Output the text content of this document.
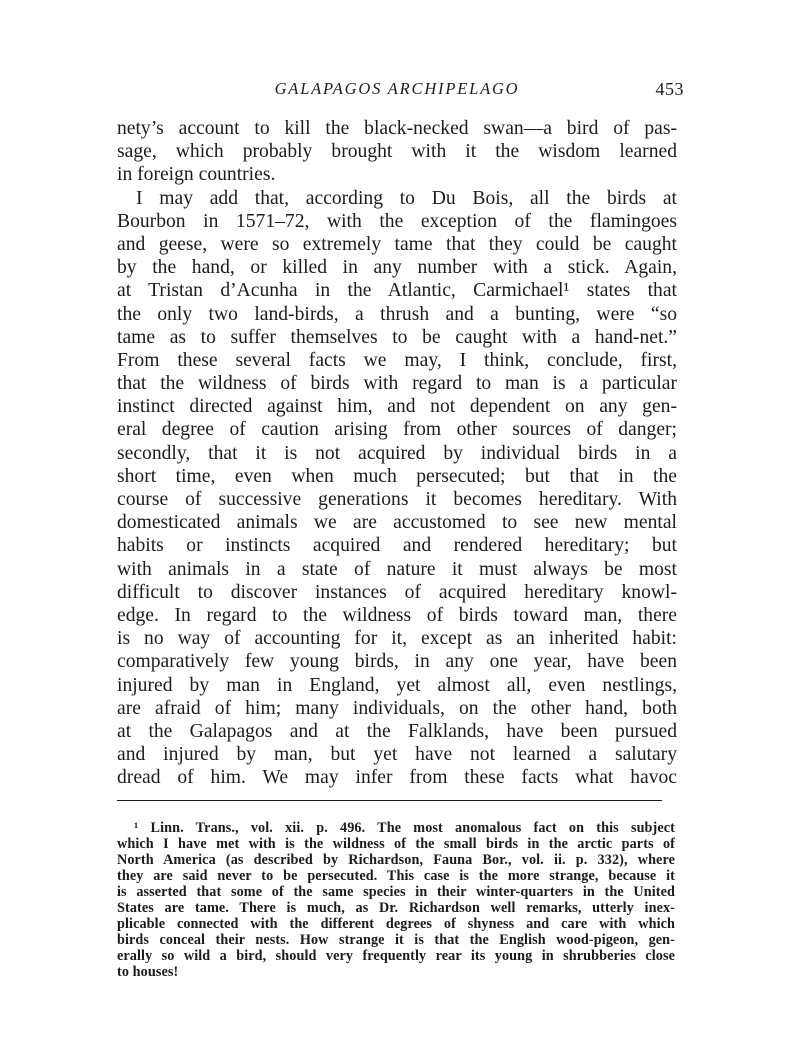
GALAPAGOS ARCHIPELAGO	453
nety’s account to kill the black-necked swan—a bird of pas-
sage, which probably brought with it the wisdom learned
in foreign countries.
I may add that, according to Du Bois, all the birds at
Bourbon in 1571–72, with the exception of the flamingoes
and geese, were so extremely tame that they could be caught
by the hand, or killed in any number with a stick. Again,
at Tristan d’Acunha in the Atlantic, Carmichael¹ states that
the only two land-birds, a thrush and a bunting, were “so
tame as to suffer themselves to be caught with a hand-net.”
From these several facts we may, I think, conclude, first,
that the wildness of birds with regard to man is a particular
instinct directed against him, and not dependent on any gen-
eral degree of caution arising from other sources of danger;
secondly, that it is not acquired by individual birds in a
short time, even when much persecuted; but that in the
course of successive generations it becomes hereditary. With
domesticated animals we are accustomed to see new mental
habits or instincts acquired and rendered hereditary; but
with animals in a state of nature it must always be most
difficult to discover instances of acquired hereditary knowl-
edge. In regard to the wildness of birds toward man, there
is no way of accounting for it, except as an inherited habit:
comparatively few young birds, in any one year, have been
injured by man in England, yet almost all, even nestlings,
are afraid of him; many individuals, on the other hand, both
at the Galapagos and at the Falklands, have been pursued
and injured by man, but yet have not learned a salutary
dread of him. We may infer from these facts what havoc
¹ Linn. Trans., vol. xii. p. 496. The most anomalous fact on this subject
which I have met with is the wildness of the small birds in the arctic parts of
North America (as described by Richardson, Fauna Bor., vol. ii. p. 332), where
they are said never to be persecuted. This case is the more strange, because it
is asserted that some of the same species in their winter-quarters in the United
States are tame. There is much, as Dr. Richardson well remarks, utterly inex-
plicable connected with the different degrees of shyness and care with which
birds conceal their nests. How strange it is that the English wood-pigeon, gen-
erally so wild a bird, should very frequently rear its young in shrubberies close
to houses!
